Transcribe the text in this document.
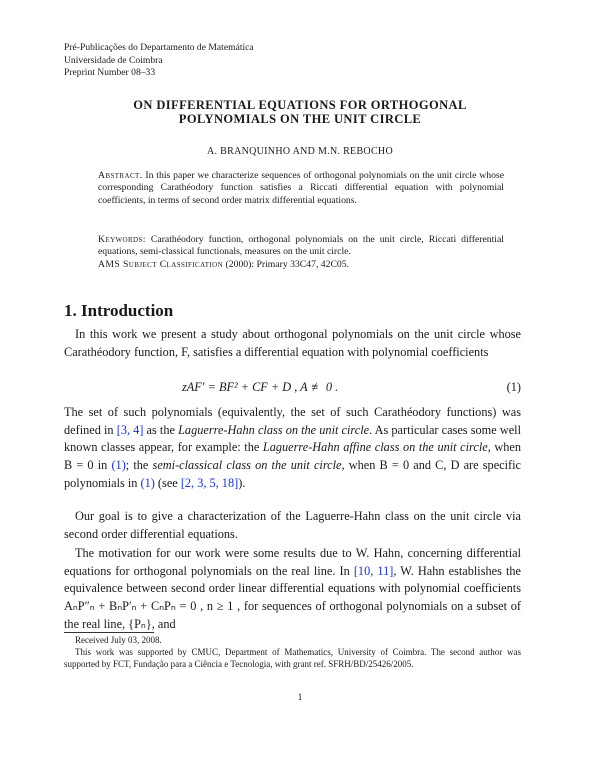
Pré-Publicações do Departamento de Matemática
Universidade de Coimbra
Preprint Number 08–33
ON DIFFERENTIAL EQUATIONS FOR ORTHOGONAL
POLYNOMIALS ON THE UNIT CIRCLE
A. BRANQUINHO AND M.N. REBOCHO
Abstract. In this paper we characterize sequences of orthogonal polynomials on the unit circle whose corresponding Carathéodory function satisfies a Riccati differential equation with polynomial coefficients, in terms of second order matrix differential equations.
Keywords: Carathéodory function, orthogonal polynomials on the unit circle, Riccati differential equations, semi-classical functionals, measures on the unit circle.
AMS Subject Classification (2000): Primary 33C47, 42C05.
1. Introduction
In this work we present a study about orthogonal polynomials on the unit circle whose Carathéodory function, F, satisfies a differential equation with polynomial coefficients
zAF′ = BF² + CF + D , A ≢ 0 .	(1)
The set of such polynomials (equivalently, the set of such Carathéodory functions) was defined in [3, 4] as the Laguerre-Hahn class on the unit circle. As particular cases some well known classes appear, for example: the Laguerre-Hahn affine class on the unit circle, when B = 0 in (1); the semi-classical class on the unit circle, when B = 0 and C, D are specific polynomials in (1) (see [2, 3, 5, 18]).
Our goal is to give a characterization of the Laguerre-Hahn class on the unit circle via second order differential equations.
The motivation for our work were some results due to W. Hahn, concerning differential equations for orthogonal polynomials on the real line. In [10, 11], W. Hahn establishes the equivalence between second order linear differential equations with polynomial coefficients AₙP″ₙ + BₙP′ₙ + CₙPₙ = 0 , n ≥ 1 , for sequences of orthogonal polynomials on a subset of the real line, {Pₙ}, and
Received July 03, 2008.
This work was supported by CMUC, Department of Mathematics, University of Coimbra. The second author was supported by FCT, Fundação para a Ciência e Tecnologia, with grant ref. SFRH/BD/25426/2005.
1
